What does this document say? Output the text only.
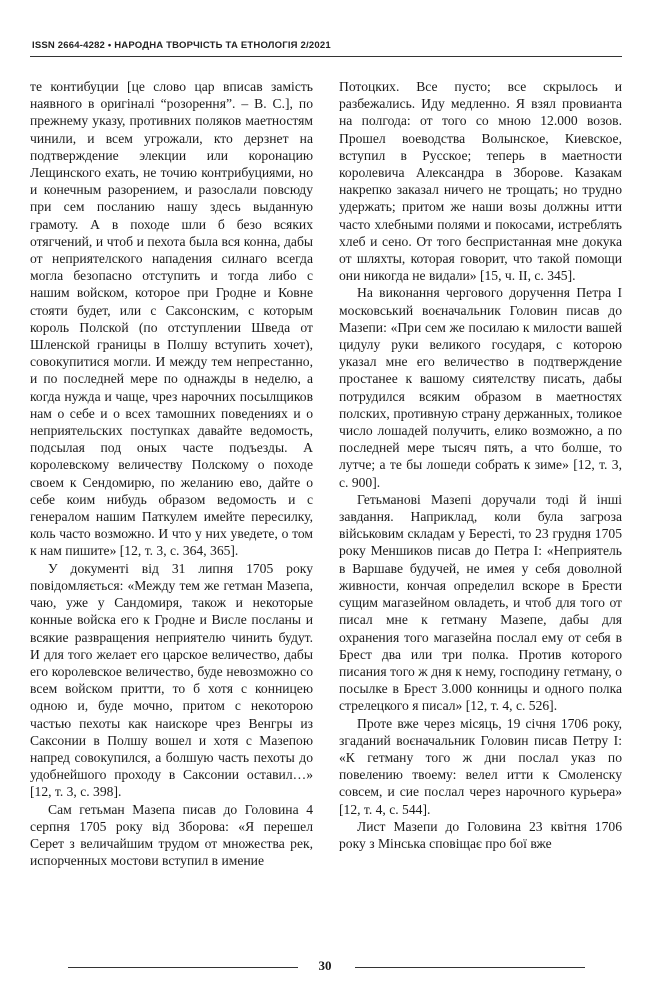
ISSN 2664-4282 • НАРОДНА ТВОРЧІСТЬ ТА ЕТНОЛОГІЯ 2/2021

те контибуции [це слово цар вписав замість наявного в оригіналі “розорення”. – В. С.], по прежнему указу, противних поляков маетностям чинили, и всем угрожали, кто дерзнет на подтверждение элекции или коронацию Лещинского ехать, не точию контрибуциями, но и конечным разорением, и разослали повсюду при сем посланию нашу здесь выданную грамоту. А в походе шли б безо всяких отягчений, и чтоб и пехота была вся конна, дабы от неприятелского нападения силнаго всегда могла безопасно отступить и тогда либо с нашим войском, которое при Гродне и Ковне стояти будет, или с Саксонским, с которым король Полской (по отступлении Шведа от Шленской границы в Полшу вступить хочет), совокупитися могли. И между тем непрестанно, и по последней мере по однажды в неделю, а когда нужда и чаще, чрез нарочних посылщиков нам о себе и о всех тамошних поведениях и о неприятельских поступках давайте ведомость, подсылая под оных часте подъезды. А королевскому величеству Полскому о походе своем к Сендомирю, по желанию ево, дайте о себе коим нибудь образом ведомость и с генералом нашим Паткулем имейте пересилку, коль часто возможно. И что у них уведете, о том к нам пишите» [12, т. 3, с. 364, 365].

У документі від 31 липня 1705 року повідомляється: «Между тем же гетман Мазепа, чаю, уже у Сандомиря, також и некоторые конные войска его к Гродне и Висле посланы и всякие развращения неприятелю чинить будут. И для того желает его царское величество, дабы его королевское величество, буде невозможно со всем войском притти, то б хотя с конницею одною и, буде мочно, притом с некоторою частью пехоты как наискоре чрез Венгры из Саксонии в Полшу вошел и хотя с Мазепою напред совокупился, а болшую часть пехоты до удобнейшого проходу в Саксонии оставил…» [12, т. 3, с. 398].

Сам гетьман Мазепа писав до Головина 4 серпня 1705 року від Зборова: «Я перешел Серет з величайшим трудом от множества рек, испорченных мостови вступил в имение

Потоцких. Все пусто; все скрылось и разбежались. Иду медленно. Я взял провианта на полгода: от того со мною 12.000 возов. Прошел воеводства Волынское, Киевское, вступил в Русское; теперь в маетности королевича Александра в Зборове. Казакам накрепко заказал ничего не трощать; но трудно удержать; притом же наши возы должны итти часто хлебными полями и покосами, истреблять хлеб и сено. От того беспристанная мне докука от шляхты, которая говорит, что такой помощи они никогда не видали» [15, ч. II, с. 345].

На виконання чергового доручення Петра I московський воєначальник Головин писав до Мазепи: «При сем же посилаю к милости вашей цидулу руки великого государя, с которою указал мне его величество в подтверждение простанее к вашому сиятелству писать, дабы потрудился всяким образом в маетностях полских, противную страну держанных, толикое число лошадей получить, елико возможно, а по последней мере тысяч пять, а что болше, то лутче; а те бы лошеди собрать к зиме» [12, т. 3, с. 900].

Гетьманові Мазепі доручали тоді й інші завдання. Наприклад, коли була загроза військовим складам у Бересті, то 23 грудня 1705 року Меншиков писав до Петра I: «Неприятель в Варшаве будучей, не имея у себя доволной живности, кончая определил вскоре в Брести сущим магазейном овладеть, и чтоб для того от писал мне к гетману Мазепе, дабы для охранения того магазейна послал ему от себя в Брест два или три полка. Против которого писания того ж дня к нему, господину гетману, о посылке в Брест 3.000 конницы и одного полка стрелецкого я писал» [12, т. 4, с. 526].

Проте вже через місяць, 19 січня 1706 року, згаданий воєначальник Головин писав Петру I: «К гетману того ж дни послал указ по повелению твоему: велел итти к Смоленску совсем, и сие послал через нарочного курьера» [12, т. 4, с. 544].

Лист Мазепи до Головина 23 квітня 1706 року з Мінська сповіщає про бої вже

30
